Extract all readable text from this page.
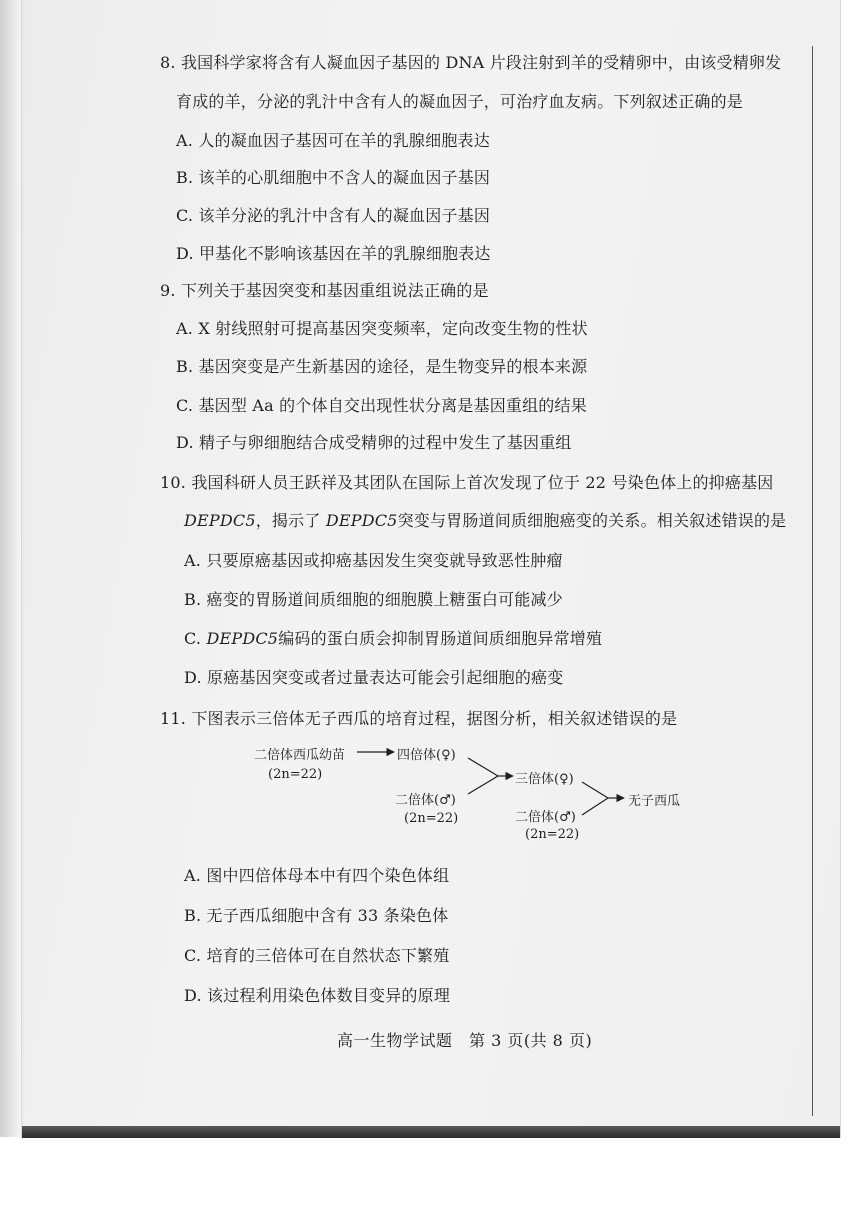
8. 我国科学家将含有人凝血因子基因的 DNA 片段注射到羊的受精卵中，由该受精卵发
育成的羊，分泌的乳汁中含有人的凝血因子，可治疗血友病。下列叙述正确的是
A. 人的凝血因子基因可在羊的乳腺细胞表达
B. 该羊的心肌细胞中不含人的凝血因子基因
C. 该羊分泌的乳汁中含有人的凝血因子基因
D. 甲基化不影响该基因在羊的乳腺细胞表达
9. 下列关于基因突变和基因重组说法正确的是
A. X 射线照射可提高基因突变频率，定向改变生物的性状
B. 基因突变是产生新基因的途径，是生物变异的根本来源
C. 基因型 Aa 的个体自交出现性状分离是基因重组的结果
D. 精子与卵细胞结合成受精卵的过程中发生了基因重组
10. 我国科研人员王跃祥及其团队在国际上首次发现了位于 22 号染色体上的抑癌基因
DEPDC5，揭示了 DEPDC5突变与胃肠道间质细胞癌变的关系。相关叙述错误的是
A. 只要原癌基因或抑癌基因发生突变就导致恶性肿瘤
B. 癌变的胃肠道间质细胞的细胞膜上糖蛋白可能减少
C. DEPDC5编码的蛋白质会抑制胃肠道间质细胞异常增殖
D. 原癌基因突变或者过量表达可能会引起细胞的癌变
11. 下图表示三倍体无子西瓜的培育过程，据图分析，相关叙述错误的是
二倍体西瓜幼苗
(2n=22)
四倍体(♀)
二倍体(♂)
(2n=22)
三倍体(♀)
二倍体(♂)
(2n=22)
无子西瓜
A. 图中四倍体母本中有四个染色体组
B. 无子西瓜细胞中含有 33 条染色体
C. 培育的三倍体可在自然状态下繁殖
D. 该过程利用染色体数目变异的原理
高一生物学试题　第 3 页(共 8 页)
